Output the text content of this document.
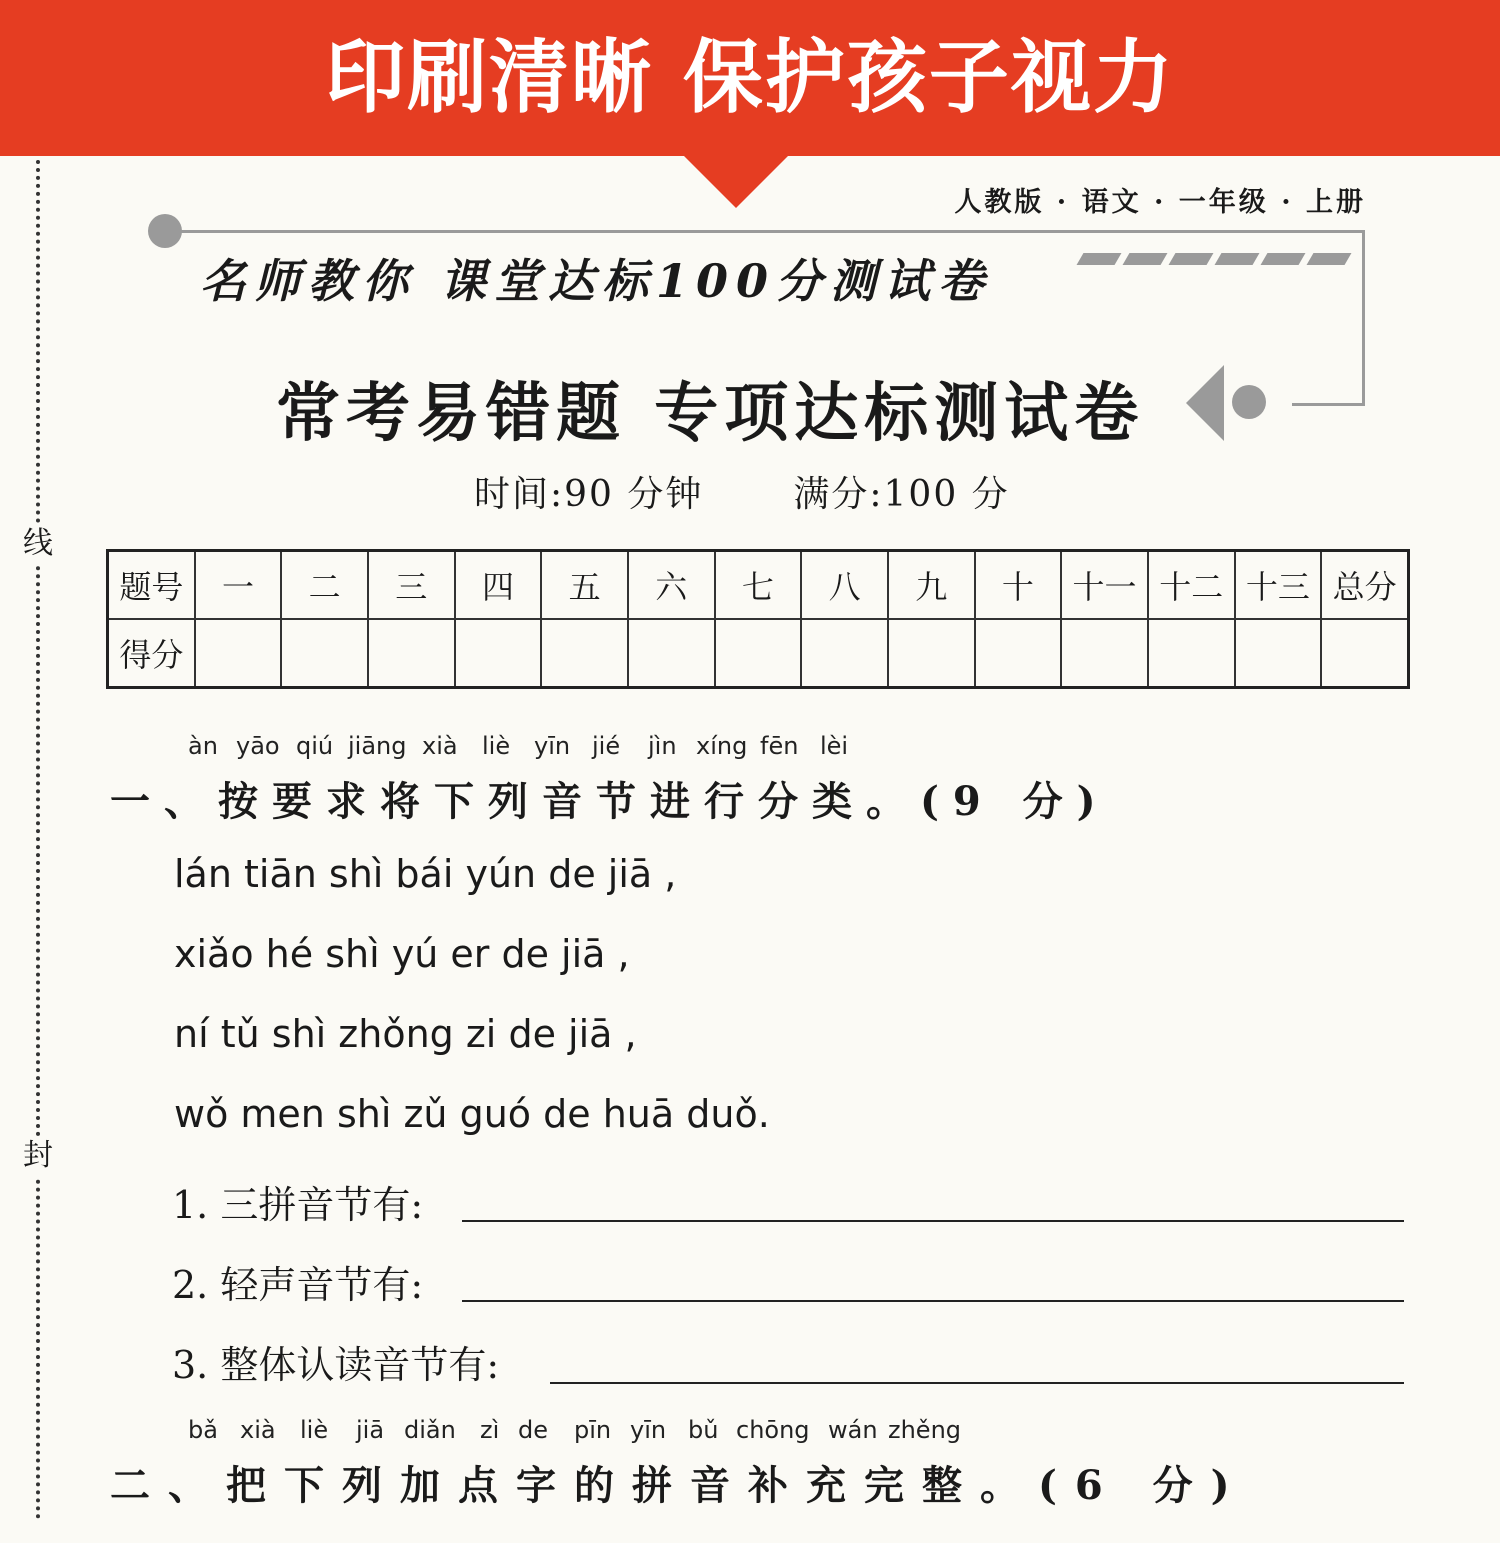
印刷清晰 保护孩子视力
线
封
人教版 · 语文 · 一年级 · 上册
名师教你 课堂达标100分测试卷
常考易错题 专项达标测试卷
时间:90 分钟	满分:100 分
题号	一	二	三	四	五	六	七	八	九	十	十一	十二	十三	总分
得分														
àn yāo qiú jiāng xià liè yīn jié jìn xíng fēn lèi
一、按要求将下列音节进行分类。(9 分)
lán tiān shì bái yún de jiā ,
xiǎo hé shì yú er de jiā ,
ní tǔ shì zhǒng zi de jiā ,
wǒ men shì zǔ guó de huā duǒ.
1. 三拼音节有:
2. 轻声音节有:
3. 整体认读音节有:
bǎ xià liè jiā diǎn zì de pīn yīn bǔ chōng wán zhěng
二、把下列加点字的拼音补充完整。(6 分)
